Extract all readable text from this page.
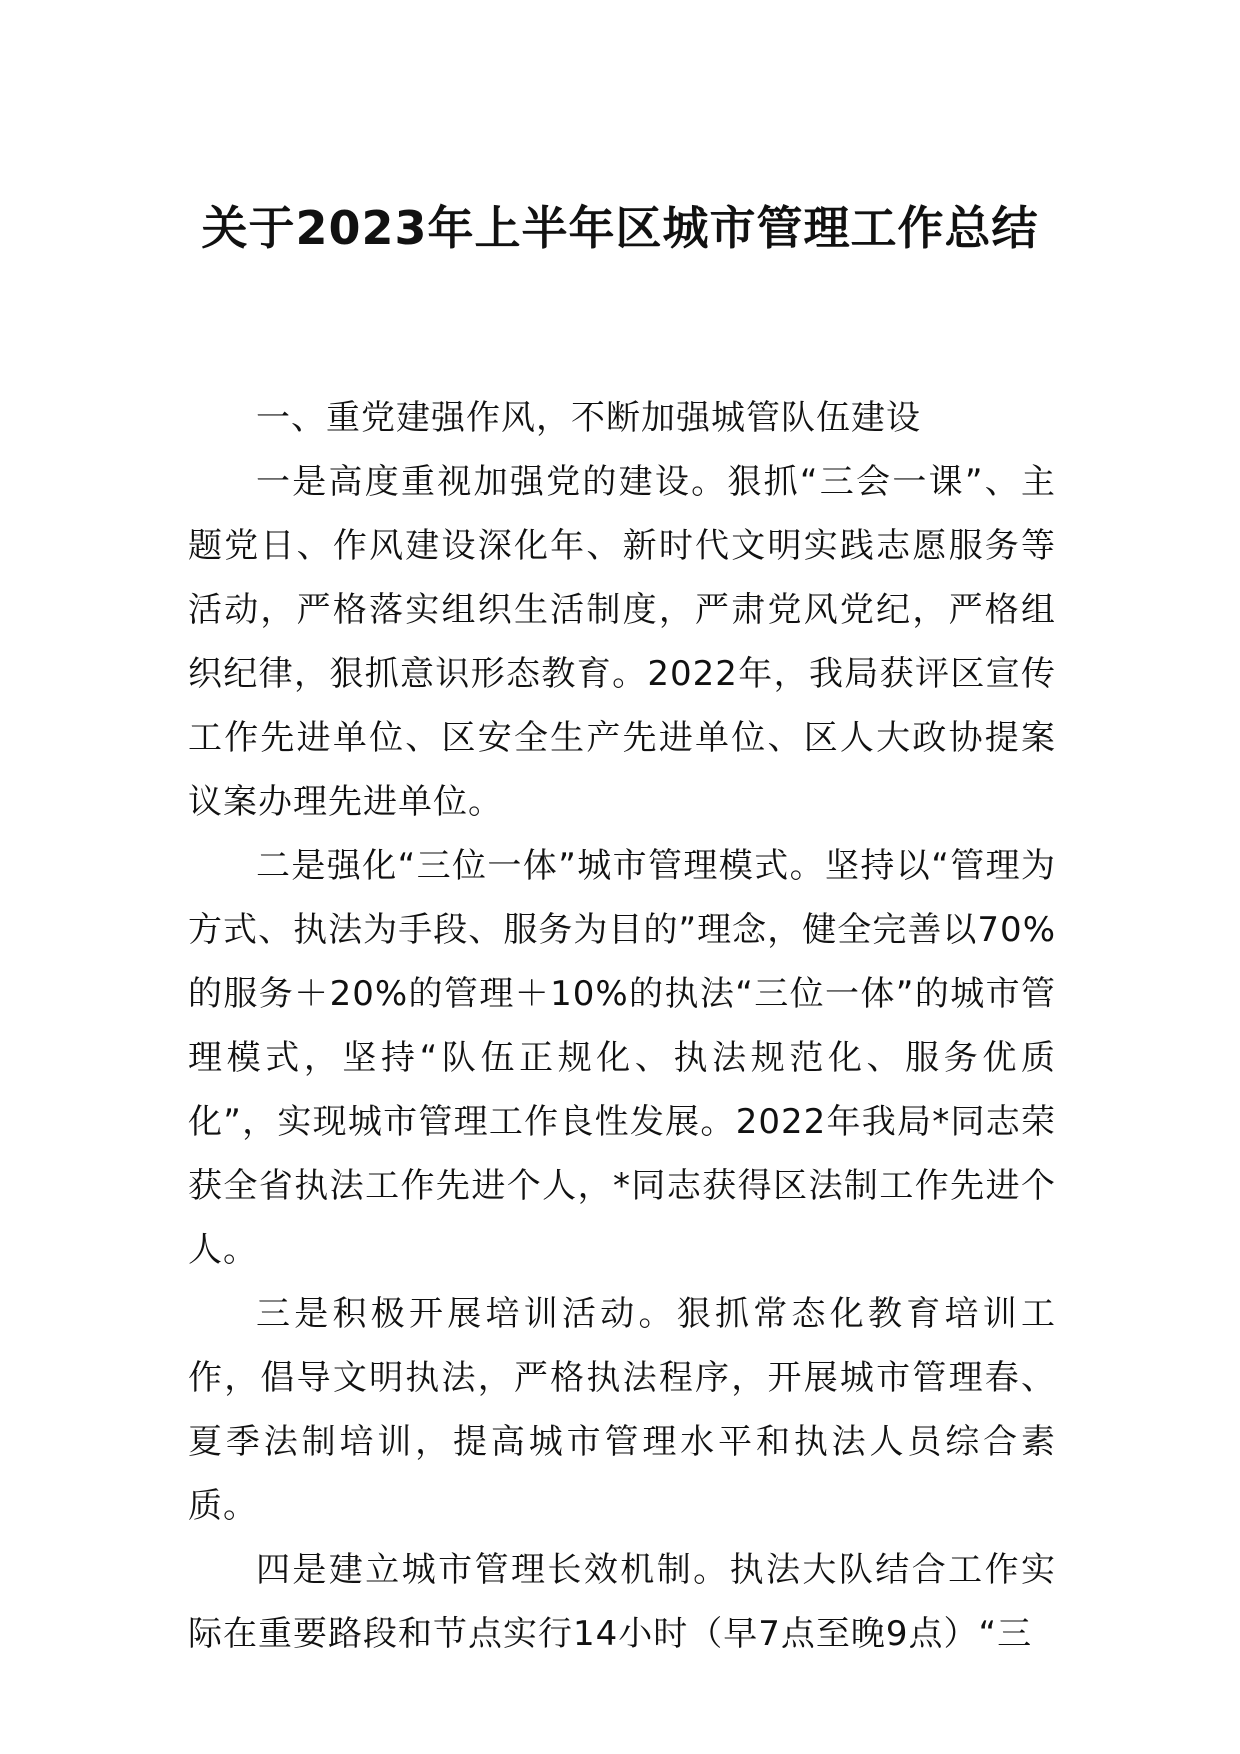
关于2023年上半年区城市管理工作总结

一、重党建强作风，不断加强城管队伍建设

一是高度重视加强党的建设。狠抓“三会一课”、主题党日、作风建设深化年、新时代文明实践志愿服务等活动，严格落实组织生活制度，严肃党风党纪，严格组织纪律，狠抓意识形态教育。2022年，我局获评区宣传工作先进单位、区安全生产先进单位、区人大政协提案议案办理先进单位。

二是强化“三位一体”城市管理模式。坚持以“管理为方式、执法为手段、服务为目的”理念，健全完善以70%的服务＋20%的管理＋10%的执法“三位一体”的城市管理模式，坚持“队伍正规化、执法规范化、服务优质化”，实现城市管理工作良性发展。2022年我局*同志荣获全省执法工作先进个人，*同志获得区法制工作先进个人。

三是积极开展培训活动。狠抓常态化教育培训工作，倡导文明执法，严格执法程序，开展城市管理春、夏季法制培训，提高城市管理水平和执法人员综合素质。

四是建立城市管理长效机制。执法大队结合工作实际在重要路段和节点实行14小时（早7点至晚9点）“三
